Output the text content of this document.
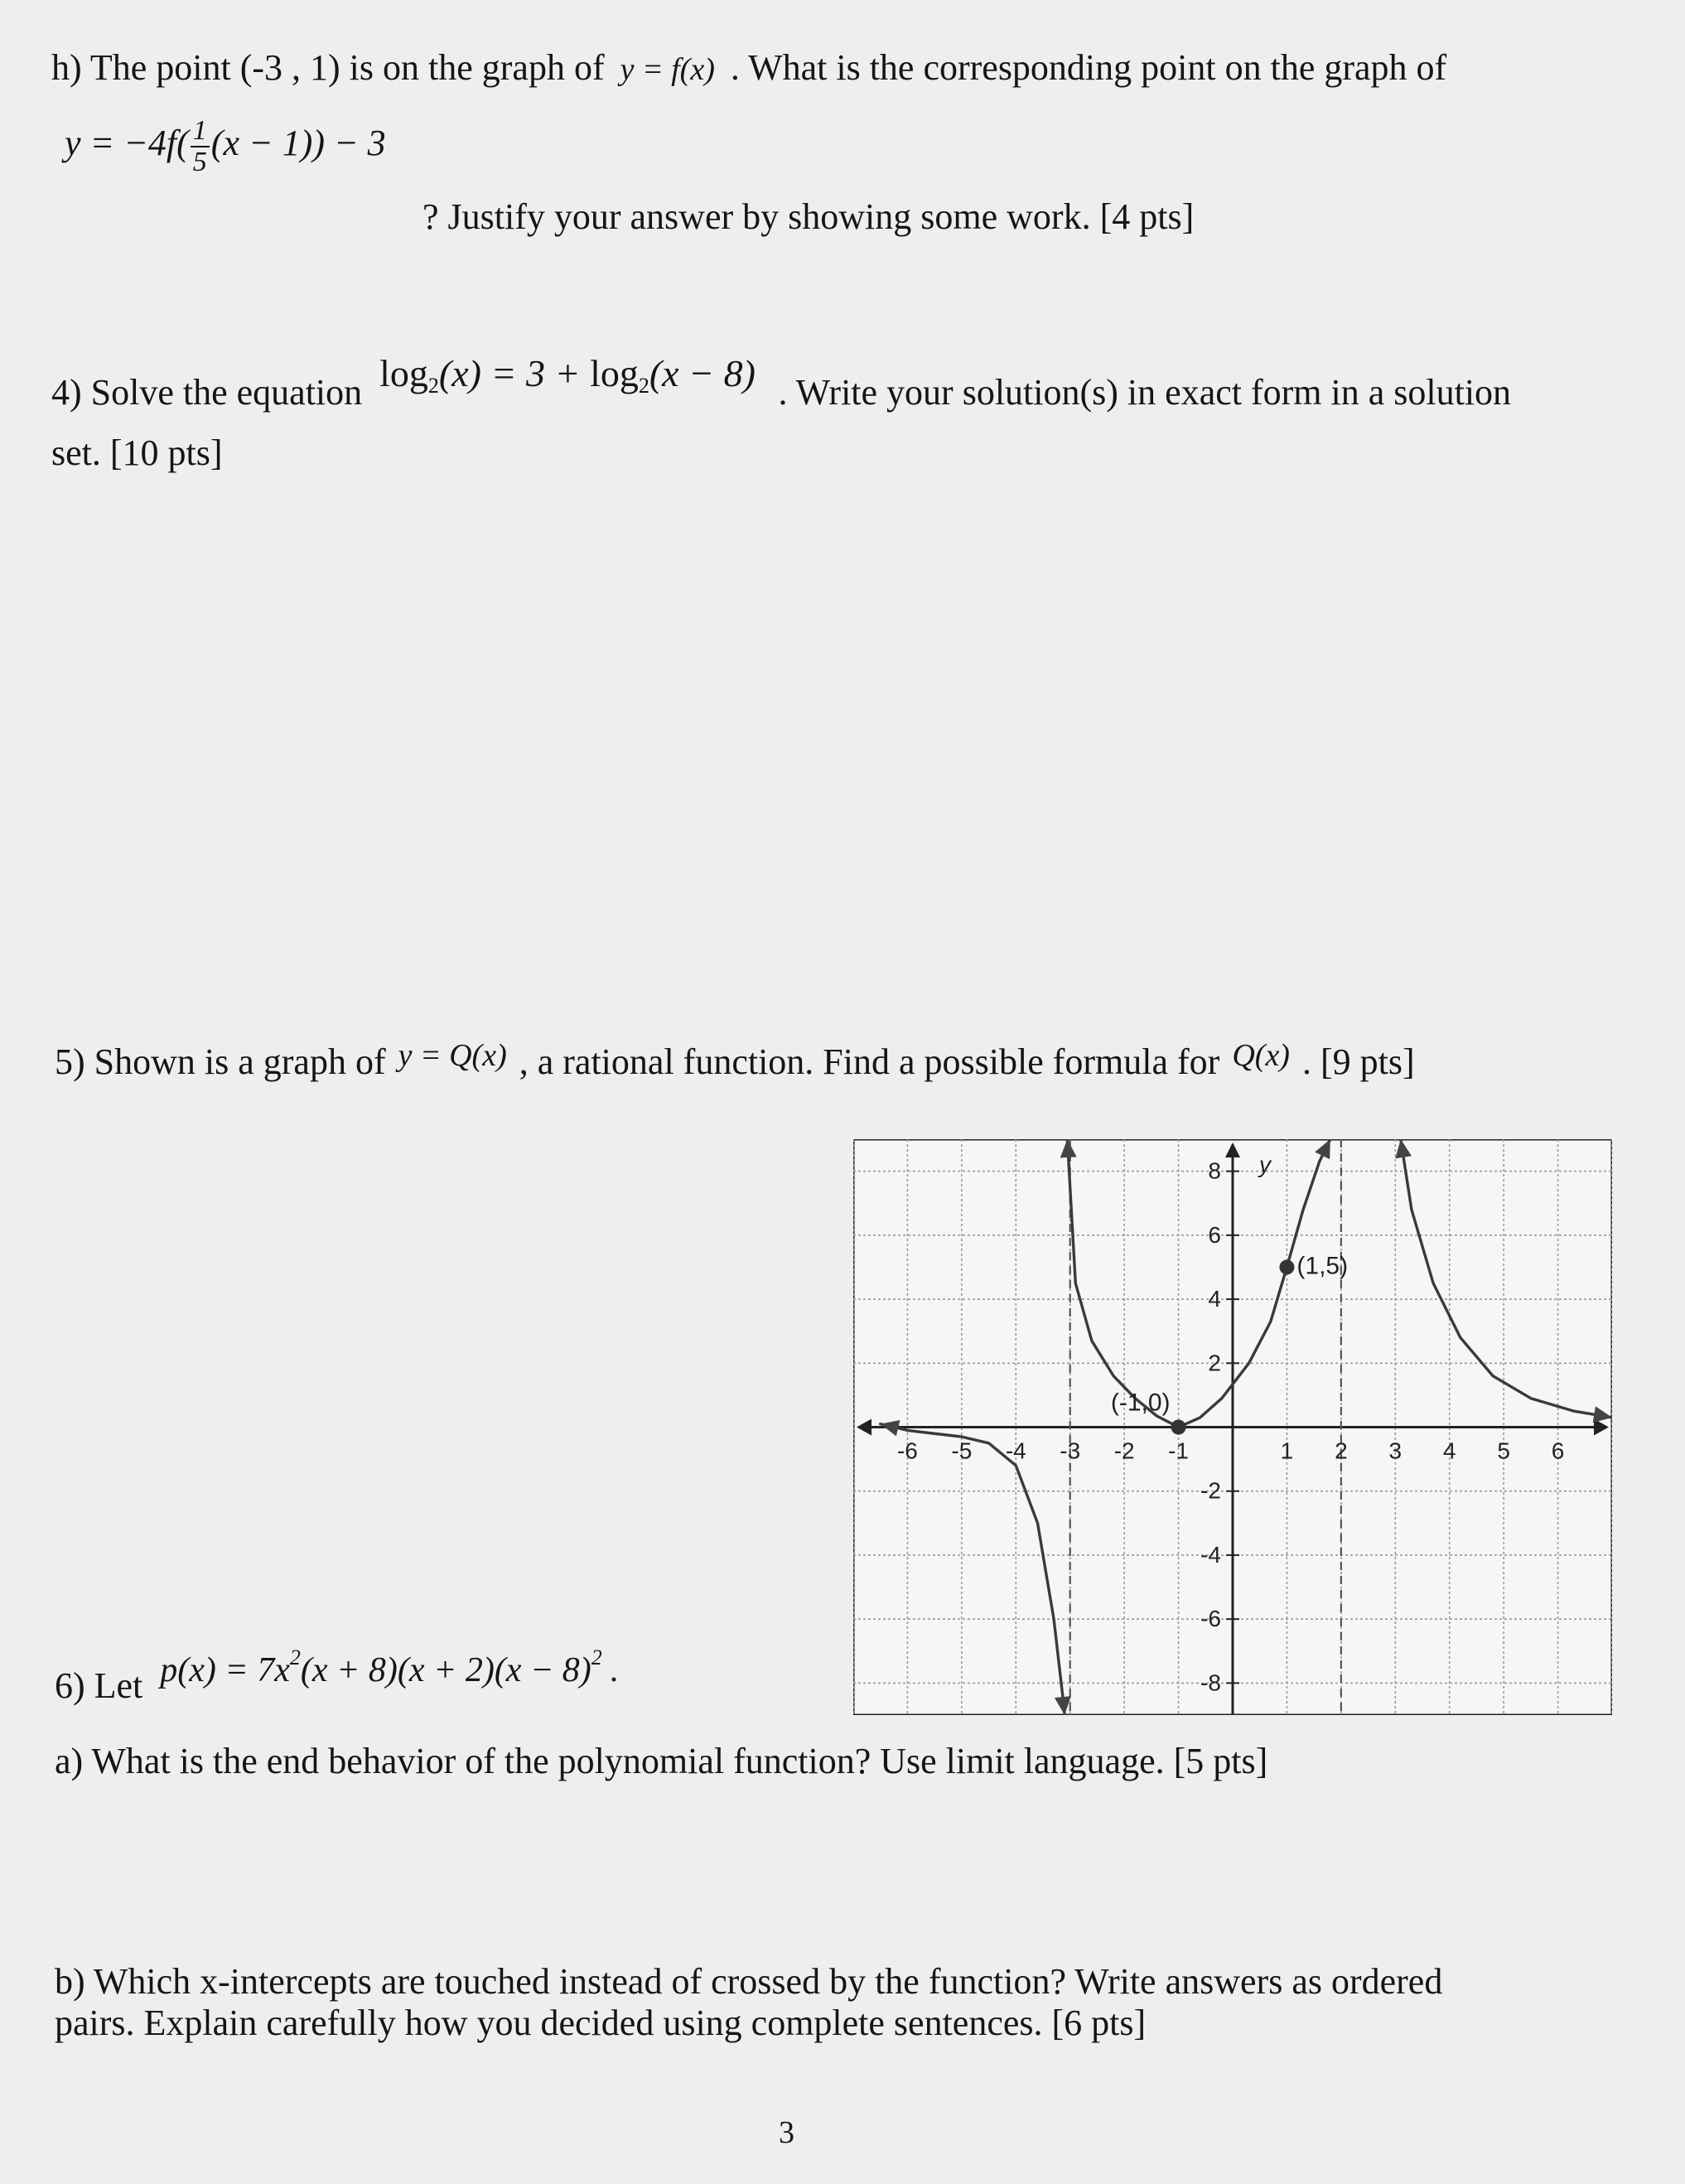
h) The point (-3 , 1) is on the graph of y = f(x) . What is the corresponding point on the graph of
$y = -4f( \frac{1}{5} (x - 1)) - 3$
? Justify your answer by showing some work. [4 pts]
4) Solve the equation $\log_2(x) = 3 + \log_2(x - 8)$ . Write your solution(s) in exact form in a solution
set. [10 pts]
5) Shown is a graph of y = Q(x) , a rational function. Find a possible formula for Q(x) . [9 pts]
-6 -5 -4 -3 -2 -1	1 2 3 4 5 6
8
6
4
2
-2
-4
-6
-8
y
(-1,0)
(1,5)
6) Let $p(x) = 7x^2(x + 8)(x + 2)(x - 8)^2$ .
a) What is the end behavior of the polynomial function? Use limit language. [5 pts]
b) Which x-intercepts are touched instead of crossed by the function? Write answers as ordered
pairs. Explain carefully how you decided using complete sentences. [6 pts]
3
